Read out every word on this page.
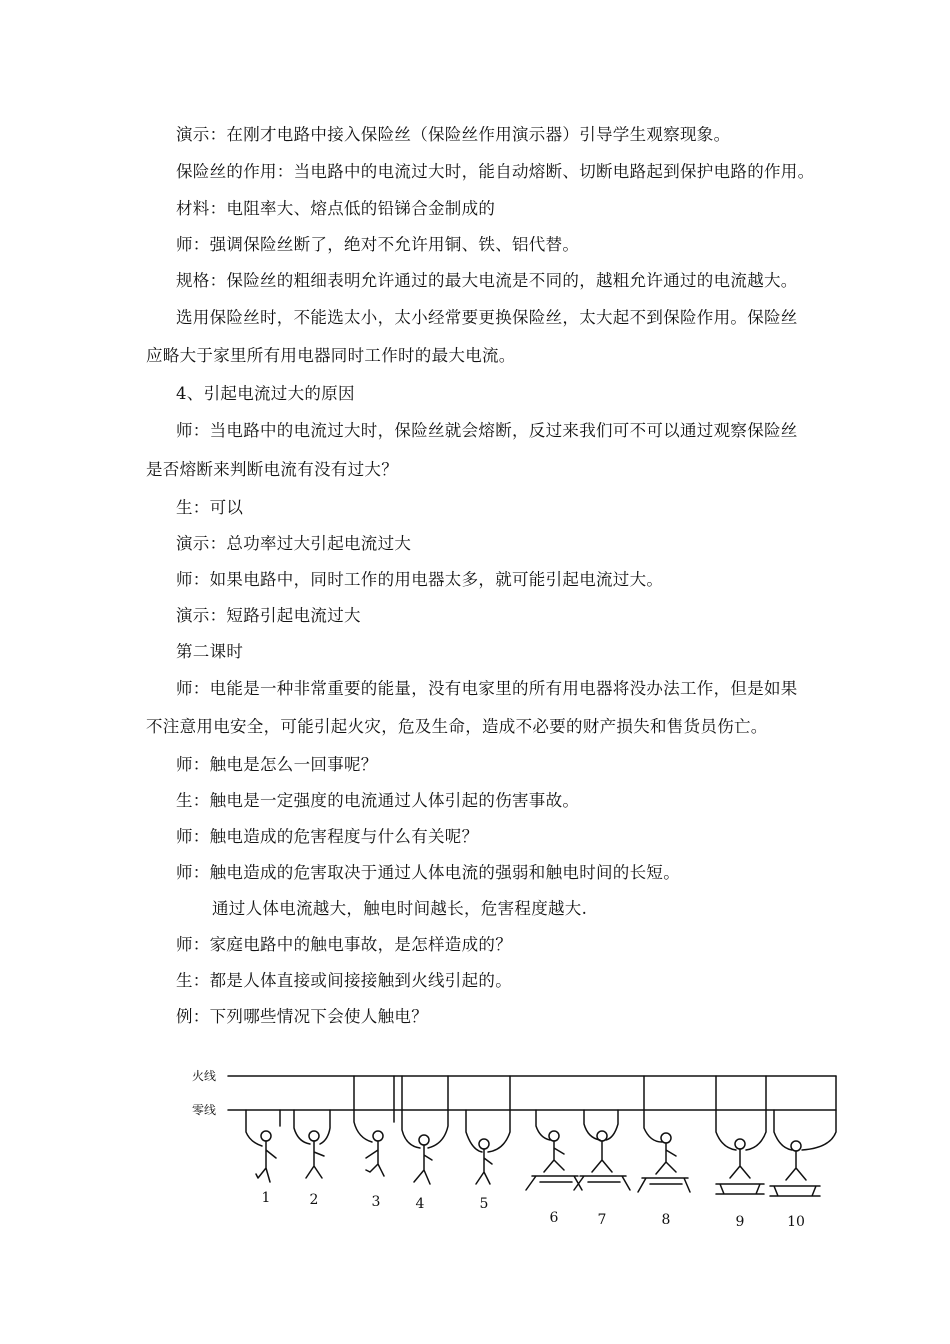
演示：在刚才电路中接入保险丝（保险丝作用演示器）引导学生观察现象。
保险丝的作用：当电路中的电流过大时，能自动熔断、切断电路起到保护电路的作用。
材料：电阻率大、熔点低的铅锑合金制成的
师：强调保险丝断了，绝对不允许用铜、铁、铝代替。
规格：保险丝的粗细表明允许通过的最大电流是不同的，越粗允许通过的电流越大。
选用保险丝时，不能选太小，太小经常要更换保险丝，太大起不到保险作用。保险丝
应略大于家里所有用电器同时工作时的最大电流。
4、引起电流过大的原因
师：当电路中的电流过大时，保险丝就会熔断，反过来我们可不可以通过观察保险丝
是否熔断来判断电流有没有过大？
生：可以
演示：总功率过大引起电流过大
师：如果电路中，同时工作的用电器太多，就可能引起电流过大。
演示：短路引起电流过大
第二课时
师：电能是一种非常重要的能量，没有电家里的所有用电器将没办法工作，但是如果
不注意用电安全，可能引起火灾，危及生命，造成不必要的财产损失和售货员伤亡。
师：触电是怎么一回事呢？
生：触电是一定强度的电流通过人体引起的伤害事故。
师：触电造成的危害程度与什么有关呢？
师：触电造成的危害取决于通过人体电流的强弱和触电时间的长短。
通过人体电流越大，触电时间越长，危害程度越大.
师：家庭电路中的触电事故，是怎样造成的？
生：都是人体直接或间接接触到火线引起的。
例：下列哪些情况下会使人触电？
火线
零线
1	2	3	4	5
6	7	8	9	10
